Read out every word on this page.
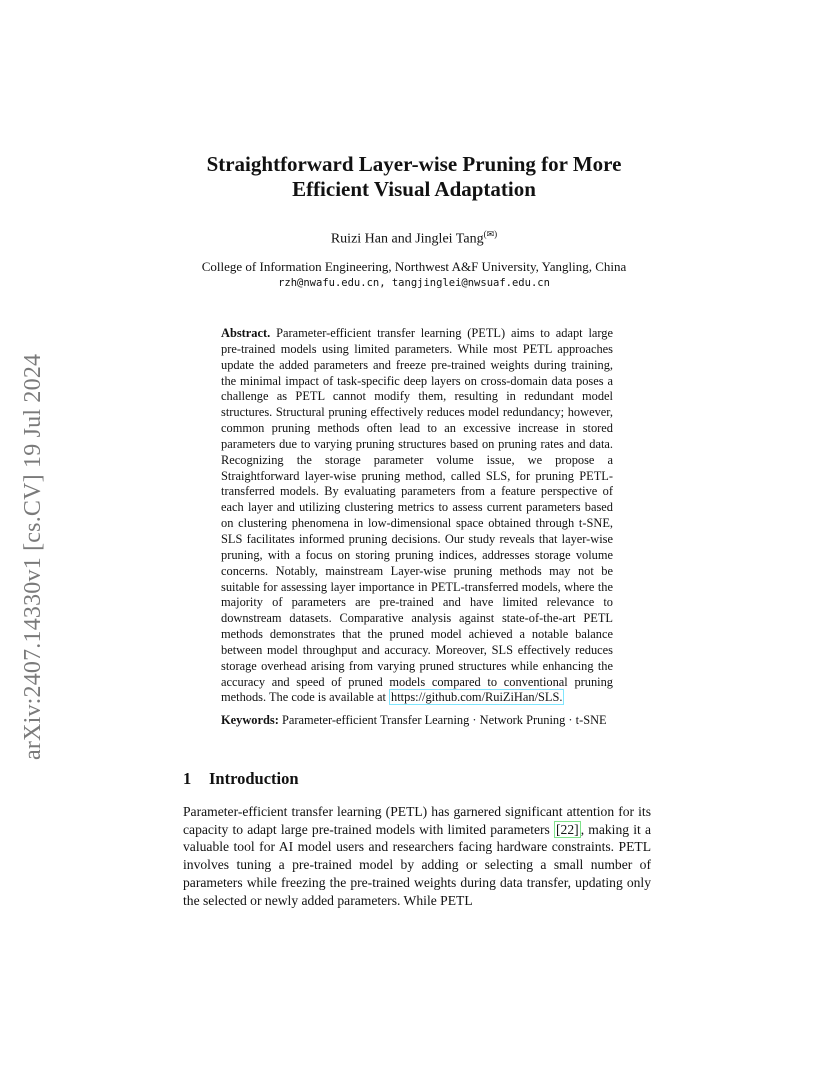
arXiv:2407.14330v1 [cs.CV] 19 Jul 2024
Straightforward Layer-wise Pruning for More
Efficient Visual Adaptation
Ruizi Han and Jinglei Tang(✉)
College of Information Engineering, Northwest A&F University, Yangling, China
rzh@nwafu.edu.cn, tangjinglei@nwsuaf.edu.cn
Abstract. Parameter-efficient transfer learning (PETL) aims to adapt large pre-trained models using limited parameters. While most PETL approaches update the added parameters and freeze pre-trained weights during training, the minimal impact of task-specific deep layers on cross-domain data poses a challenge as PETL cannot modify them, resulting in redundant model structures. Structural pruning effectively reduces model redundancy; however, common pruning methods often lead to an excessive increase in stored parameters due to varying pruning structures based on pruning rates and data. Recognizing the storage parameter volume issue, we propose a Straightforward layer-wise pruning method, called SLS, for pruning PETL-transferred models. By evaluating parameters from a feature perspective of each layer and utilizing clustering metrics to assess current parameters based on clustering phenomena in low-dimensional space obtained through t-SNE, SLS facilitates informed pruning decisions. Our study reveals that layer-wise pruning, with a focus on storing pruning indices, addresses storage volume concerns. Notably, mainstream Layer-wise pruning methods may not be suitable for assessing layer importance in PETL-transferred models, where the majority of parameters are pre-trained and have limited relevance to downstream datasets. Comparative analysis against state-of-the-art PETL methods demonstrates that the pruned model achieved a notable balance between model throughput and accuracy. Moreover, SLS effectively reduces storage overhead arising from varying pruned structures while enhancing the accuracy and speed of pruned models compared to conventional pruning methods. The code is available at https://github.com/RuiZiHan/SLS.
Keywords: Parameter-efficient Transfer Learning · Network Pruning · t-SNE
1 Introduction
Parameter-efficient transfer learning (PETL) has garnered significant attention for its capacity to adapt large pre-trained models with limited parameters [22] , making it a valuable tool for AI model users and researchers facing hardware constraints. PETL involves tuning a pre-trained model by adding or selecting a small number of parameters while freezing the pre-trained weights during data transfer, updating only the selected or newly added parameters. While PETL
